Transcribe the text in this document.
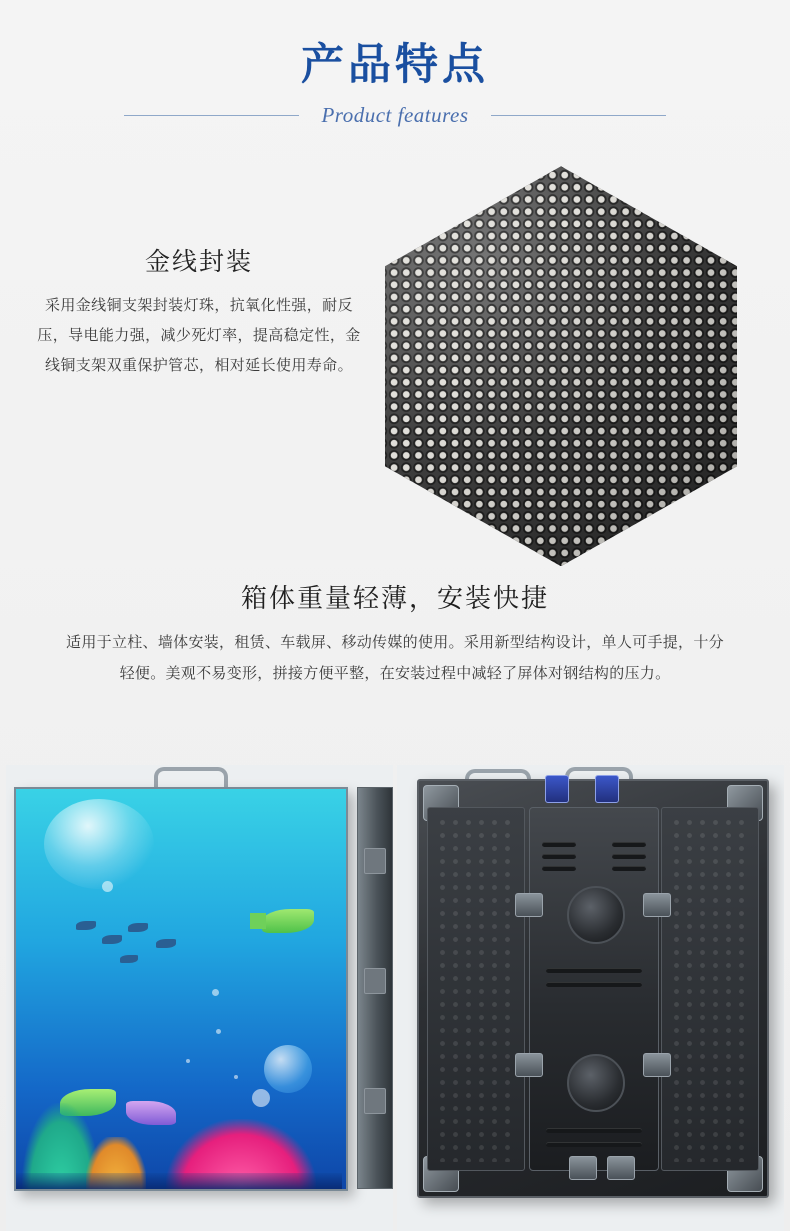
产品特点
Product features
金线封装

采用金线铜支架封装灯珠，抗氧化性强，耐反压，导电能力强，减少死灯率，提高稳定性，金线铜支架双重保护管芯，相对延长使用寿命。

箱体重量轻薄，安装快捷

适用于立柱、墙体安装，租赁、车载屏、移动传媒的使用。采用新型结构设计，单人可手提，十分轻便。美观不易变形，拼接方便平整，在安装过程中减轻了屏体对钢结构的压力。
